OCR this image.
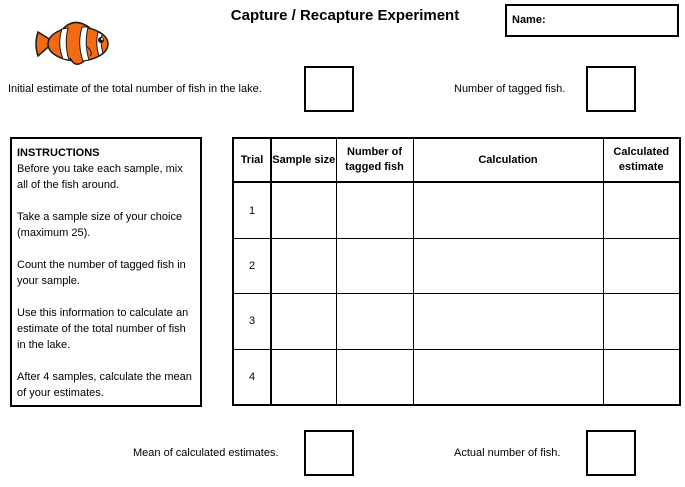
Capture / Recapture Experiment	Name:
Initial estimate of the total number of fish in the lake.	Number of tagged fish.
INSTRUCTIONS

Before you take each sample, mix all of the fish around.

Take a sample size of your choice (maximum 25).

Count the number of tagged fish in your sample.

Use this information to calculate an estimate of the total number of fish in the lake.

After 4 samples, calculate the mean of your estimates.

Trial	Sample size	Number of tagged fish	Calculation	Calculated estimate
1				
2				
3				
4				
Mean of calculated estimates.	Actual number of fish.
